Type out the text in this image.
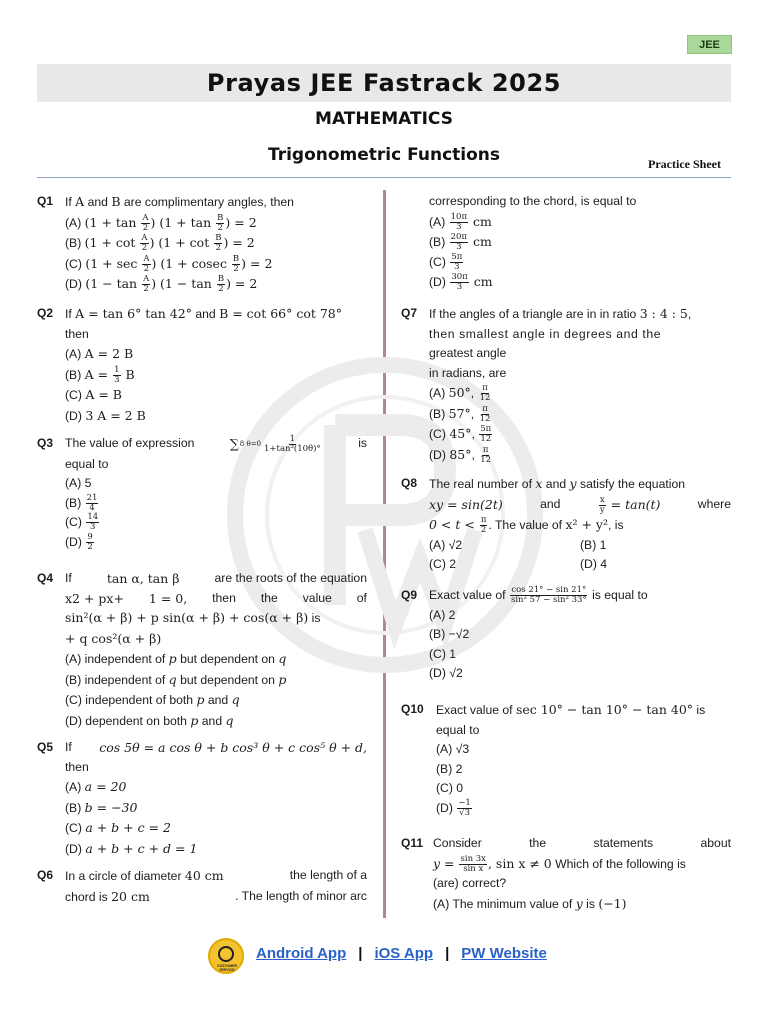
JEE
Prayas JEE Fastrack 2025
MATHEMATICS
Trigonometric Functions	Practice Sheet
Q1 If A and B are complimentary angles, then
(A) ($1 + \tan \frac{A}{2}$ ) ($1 + \tan \frac{B}{2}$ ) = 2
(B) ($1 + \cot \frac{A}{2}$ ) ($1 + \cot \frac{B}{2}$ ) = 2
(C) ($1 + \sec \frac{A}{2}$ ) (1 + cosec $\frac{B}{2}$ ) = 2
(D) ($1 - \tan \frac{A}{2}$ ) ($1 - \tan \frac{B}{2}$ ) = 2
Q2 If A = tan 6° tan 42° and B = cot 66° cot 78°
then
(A) A = 2 B
(B) $A = \frac{1}{3}$ B
(C) A = B
(D) 3 A = 2 B
Q3 The value of expression	∑ 8 $\theta=0 \frac{1}{\text{1+tan³(10θ)°}}$	is
equal to
(A) 5
$(B) \frac{21}{4}$
$(C) \frac{14}{3}$
$(D) \frac{9}{2}$
Q4 If	tan α, tan β	are the roots of the equation
x2 + px+ 1 = 0, then the value of
sin²(α + β) + p sin(α + β) + cos(α + β) is
+ q cos²(α + β)
(A) independent of p but dependent on q
(B) independent of q but dependent on p
(C) independent of both p and q
(D) dependent on both p and q
Q5 If cos 5θ = a cos θ + b cos³ θ + c cos⁵ θ + d,
then
(A) a = 20
(B) b = −30
(C) a + b + c = 2
(D) a + b + c + d = 1
Q6 In a circle of diameter 40 cm	the length of a
chord is 20 cm	. The length of minor arc
corresponding to the chord, is equal to
$(A) \frac{10\pi}{3}$ cm
$(B) \frac{20\pi}{3}$ cm
$(C) \frac{5\pi}{3}$
$(D) \frac{30\pi}{3}$ cm
Q7 If the angles of a triangle are in in ratio 3 : 4 : 5,
then smallest angle in degrees and the
greatest angle
in radians, are
(A) 50°, $\frac{\pi}{12}$
(B) 57°, $\frac{\pi}{12}$
(C) 45°, $\frac{5\pi}{12}$
(D) 85°, $\frac{\pi}{12}$
Q8 The real number of x and y satisfy the equation
xy = sin(2t)	and	$\frac{x}{y} = \tan(t)$	where
$0 < t < \frac{\pi}{2}$ . The value of x² + y², is
(A) √2	(B) 1
(C) 2	(D) 4
Q9 Exact value of $\frac{\cos 21^\circ - \sin 21^\circ}{\text{sin² 57 − sin² 33°}}$ is equal to
(A) 2
(B) −√2
(C) 1
(D) √2
Q10 Exact value of sec 10° − tan 10° − tan 40° is
equal to
(A) √3
(B) 2
(C) 0
$(D) \frac{-1}{√3}$
Q11 Consider	the	statements	about
$y = \frac{\sin 3x}{\text{sin x}}$ , sin x ≠ 0 Which of the following is
(are) correct?
(A) The minimum value of y is (−1)
CUSTOMER SERVICE
Android App | iOS App | PW Website
